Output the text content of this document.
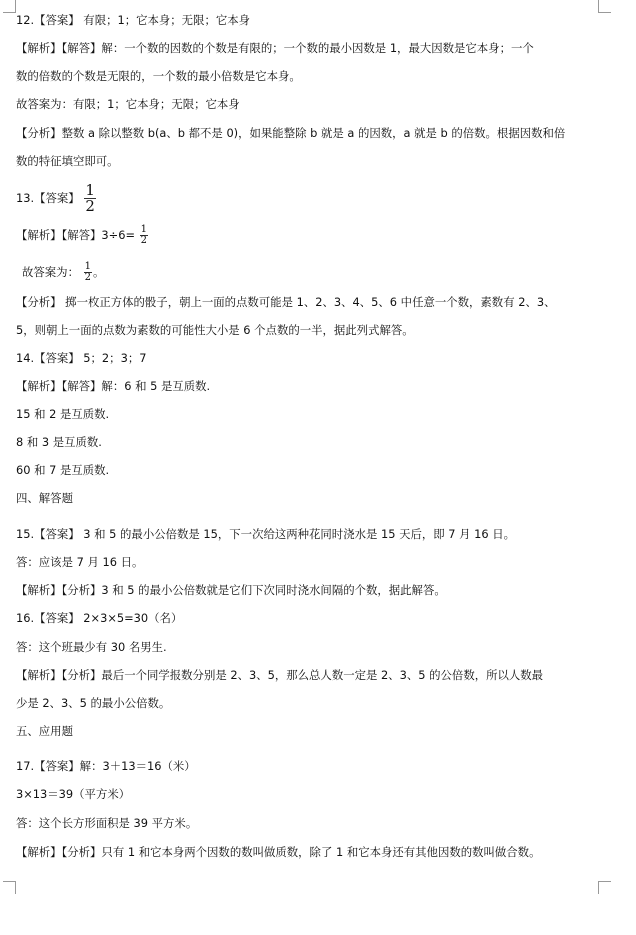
12.【答案】 有限；1；它本身；无限；它本身
【解析】【解答】解：一个数的因数的个数是有限的；一个数的最小因数是 1，最大因数是它本身；一个
数的倍数的个数是无限的，一个数的最小倍数是它本身。
故答案为：有限；1；它本身；无限；它本身
【分析】整数 a 除以整数 b(a、b 都不是 0)，如果能整除 b 就是 a 的因数，a 就是 b 的倍数。根据因数和倍
数的特征填空即可。
13.【答案】 $\frac{1}{2}$
【解析】【解答】$3\div 6= \frac{1}{2}$
故答案为： $\frac{1}{2}$ 。
【分析】 掷一枚正方体的骰子，朝上一面的点数可能是 1、2、3、4、5、6 中任意一个数，素数有 2、3、
5，则朝上一面的点数为素数的可能性大小是 6 个点数的一半，据此列式解答。
14.【答案】 5；2；3；7
【解析】【解答】解：6 和 5 是互质数.
15 和 2 是互质数.
8 和 3 是互质数.
60 和 7 是互质数.
四、解答题
15.【答案】 3 和 5 的最小公倍数是 15，下一次给这两种花同时浇水是 15 天后，即 7 月 16 日。
答：应该是 7 月 16 日。
【解析】【分析】3 和 5 的最小公倍数就是它们下次同时浇水间隔的个数，据此解答。
16.【答案】 2×3×5=30（名）
答：这个班最少有 30 名男生.
【解析】【分析】最后一个同学报数分别是 2、3、5，那么总人数一定是 2、3、5 的公倍数，所以人数最
少是 2、3、5 的最小公倍数。
五、应用题
17.【答案】解：3＋13＝16（米）
3×13＝39（平方米）
答：这个长方形面积是 39 平方米。
【解析】【分析】只有 1 和它本身两个因数的数叫做质数，除了 1 和它本身还有其他因数的数叫做合数。
